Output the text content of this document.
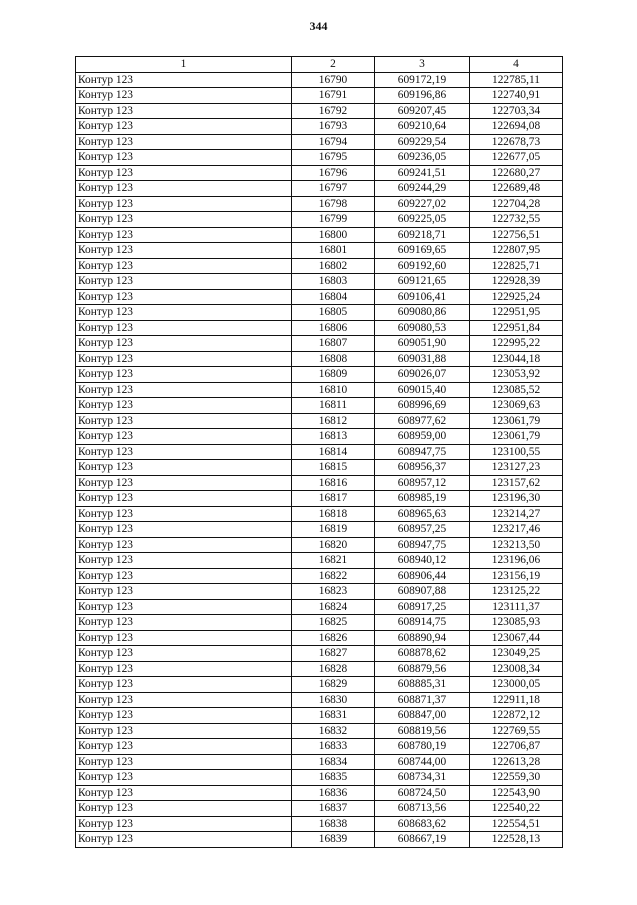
344
1	2	3	4
Контур 123	16790	609172,19	122785,11
Контур 123	16791	609196,86	122740,91
Контур 123	16792	609207,45	122703,34
Контур 123	16793	609210,64	122694,08
Контур 123	16794	609229,54	122678,73
Контур 123	16795	609236,05	122677,05
Контур 123	16796	609241,51	122680,27
Контур 123	16797	609244,29	122689,48
Контур 123	16798	609227,02	122704,28
Контур 123	16799	609225,05	122732,55
Контур 123	16800	609218,71	122756,51
Контур 123	16801	609169,65	122807,95
Контур 123	16802	609192,60	122825,71
Контур 123	16803	609121,65	122928,39
Контур 123	16804	609106,41	122925,24
Контур 123	16805	609080,86	122951,95
Контур 123	16806	609080,53	122951,84
Контур 123	16807	609051,90	122995,22
Контур 123	16808	609031,88	123044,18
Контур 123	16809	609026,07	123053,92
Контур 123	16810	609015,40	123085,52
Контур 123	16811	608996,69	123069,63
Контур 123	16812	608977,62	123061,79
Контур 123	16813	608959,00	123061,79
Контур 123	16814	608947,75	123100,55
Контур 123	16815	608956,37	123127,23
Контур 123	16816	608957,12	123157,62
Контур 123	16817	608985,19	123196,30
Контур 123	16818	608965,63	123214,27
Контур 123	16819	608957,25	123217,46
Контур 123	16820	608947,75	123213,50
Контур 123	16821	608940,12	123196,06
Контур 123	16822	608906,44	123156,19
Контур 123	16823	608907,88	123125,22
Контур 123	16824	608917,25	123111,37
Контур 123	16825	608914,75	123085,93
Контур 123	16826	608890,94	123067,44
Контур 123	16827	608878,62	123049,25
Контур 123	16828	608879,56	123008,34
Контур 123	16829	608885,31	123000,05
Контур 123	16830	608871,37	122911,18
Контур 123	16831	608847,00	122872,12
Контур 123	16832	608819,56	122769,55
Контур 123	16833	608780,19	122706,87
Контур 123	16834	608744,00	122613,28
Контур 123	16835	608734,31	122559,30
Контур 123	16836	608724,50	122543,90
Контур 123	16837	608713,56	122540,22
Контур 123	16838	608683,62	122554,51
Контур 123	16839	608667,19	122528,13
